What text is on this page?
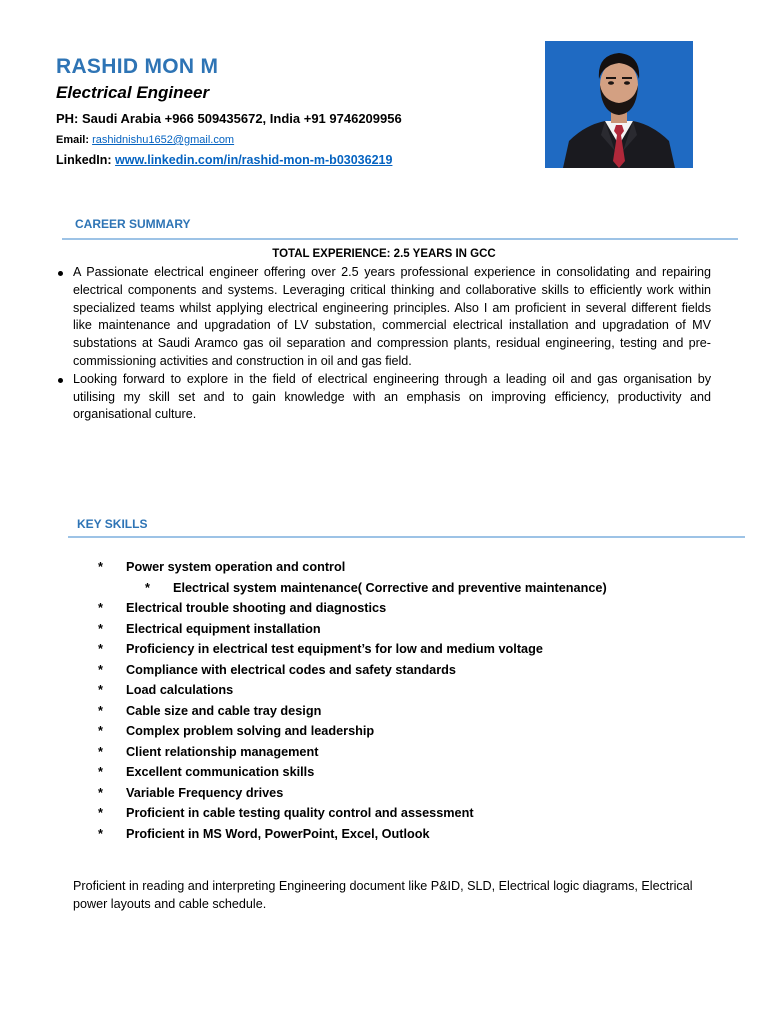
RASHID MON M
Electrical Engineer
PH: Saudi Arabia +966 509435672, India +91 9746209956
Email: rashidnishu1652@gmail.com
LinkedIn: www.linkedin.com/in/rashid-mon-m-b03036219
CAREER SUMMARY
TOTAL EXPERIENCE: 2.5 YEARS IN GCC
A Passionate electrical engineer offering over 2.5 years professional experience in consolidating and repairing electrical components and systems. Leveraging critical thinking and collaborative skills to efficiently work within specialized teams whilst applying electrical engineering principles. Also I am proficient in several different fields like maintenance and upgradation of LV substation, commercial electrical installation and upgradation of MV substations at Saudi Aramco gas oil separation and compression plants, residual engineering, testing and pre-commissioning activities and construction in oil and gas field.
Looking forward to explore in the field of electrical engineering through a leading oil and gas organisation by utilising my skill set and to gain knowledge with an emphasis on improving efficiency, productivity and organisational culture.
KEY SKILLS
* Power system operation and control
* Electrical system maintenance( Corrective and preventive maintenance)
* Electrical trouble shooting and diagnostics
* Electrical equipment installation
* Proficiency in electrical test equipment’s for low and medium voltage
* Compliance with electrical codes and safety standards
* Load calculations
* Cable size and cable tray design
* Complex problem solving and leadership
* Client relationship management
* Excellent communication skills
* Variable Frequency drives
* Proficient in cable testing quality control and assessment
* Proficient in MS Word, PowerPoint, Excel, Outlook

Proficient in reading and interpreting Engineering document like P&ID, SLD, Electrical logic diagrams, Electrical power layouts and cable schedule.
